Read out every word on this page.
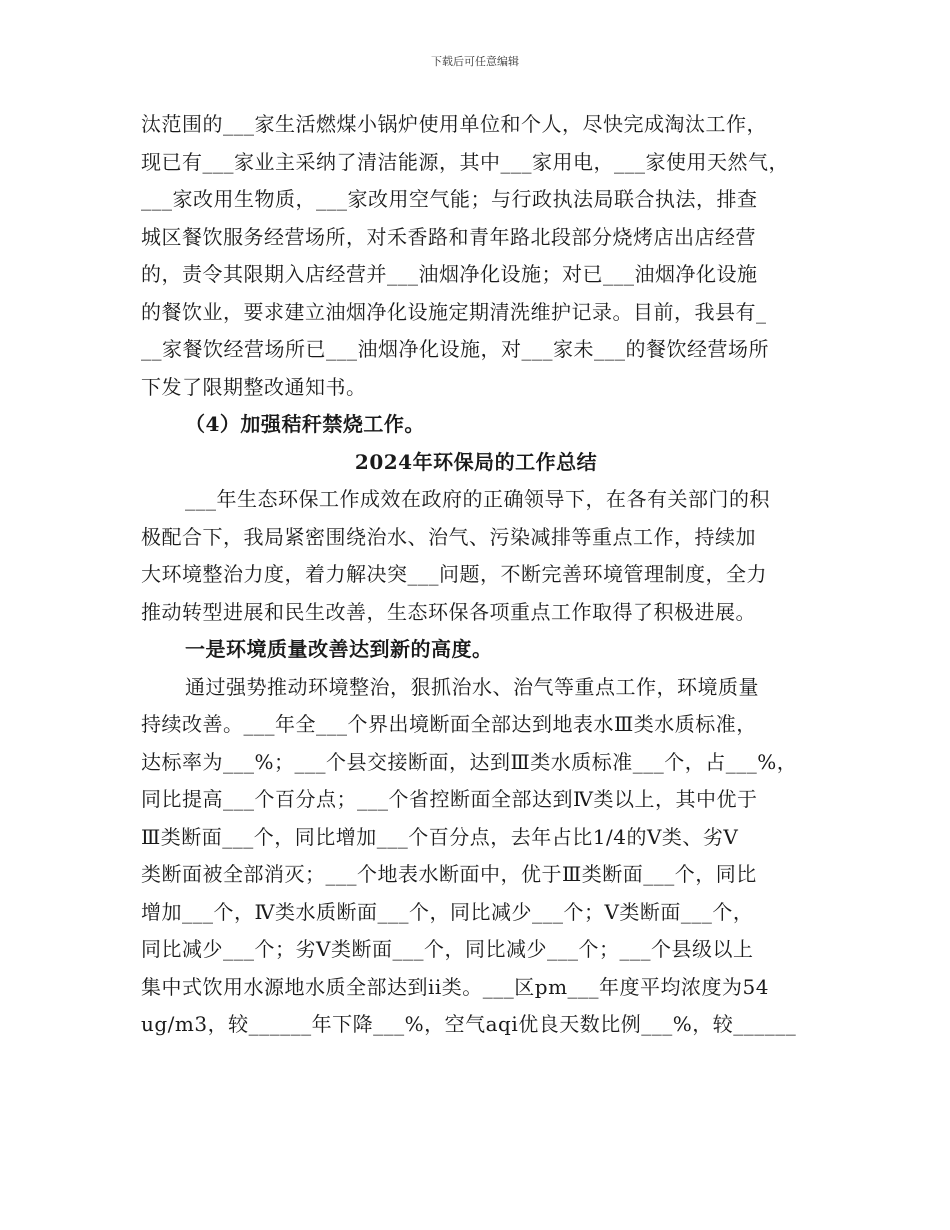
下载后可任意编辑
汰范围的___家生活燃煤小锅炉使用单位和个人，尽快完成淘汰工作，
现已有___家业主采纳了清洁能源，其中___家用电，___家使用天然气，
___家改用生物质，___家改用空气能；与行政执法局联合执法，排查
城区餐饮服务经营场所，对禾香路和青年路北段部分烧烤店出店经营
的，责令其限期入店经营并___油烟净化设施；对已___油烟净化设施
的餐饮业，要求建立油烟净化设施定期清洗维护记录。目前，我县有_
__家餐饮经营场所已___油烟净化设施，对___家未___的餐饮经营场所
下发了限期整改通知书。
（4）加强秸秆禁烧工作。
2024年环保局的工作总结
___年生态环保工作成效在政府的正确领导下，在各有关部门的积
极配合下，我局紧密围绕治水、治气、污染减排等重点工作，持续加
大环境整治力度，着力解决突___问题，不断完善环境管理制度，全力
推动转型进展和民生改善，生态环保各项重点工作取得了积极进展。
一是环境质量改善达到新的高度。
通过强势推动环境整治，狠抓治水、治气等重点工作，环境质量
持续改善。___年全___个界出境断面全部达到地表水Ⅲ类水质标准，
达标率为___%；___个县交接断面，达到Ⅲ类水质标准___个，占___%，
同比提高___个百分点；___个省控断面全部达到Ⅳ类以上，其中优于
Ⅲ类断面___个，同比增加___个百分点，去年占比1/4的Ⅴ类、劣Ⅴ
类断面被全部消灭；___个地表水断面中，优于Ⅲ类断面___个，同比
增加___个，Ⅳ类水质断面___个，同比减少___个；Ⅴ类断面___个，
同比减少___个；劣Ⅴ类断面___个，同比减少___个；___个县级以上
集中式饮用水源地水质全部达到ii类。___区pm___年度平均浓度为54
ug/m3，较______年下降___%，空气aqi优良天数比例___%，较______
